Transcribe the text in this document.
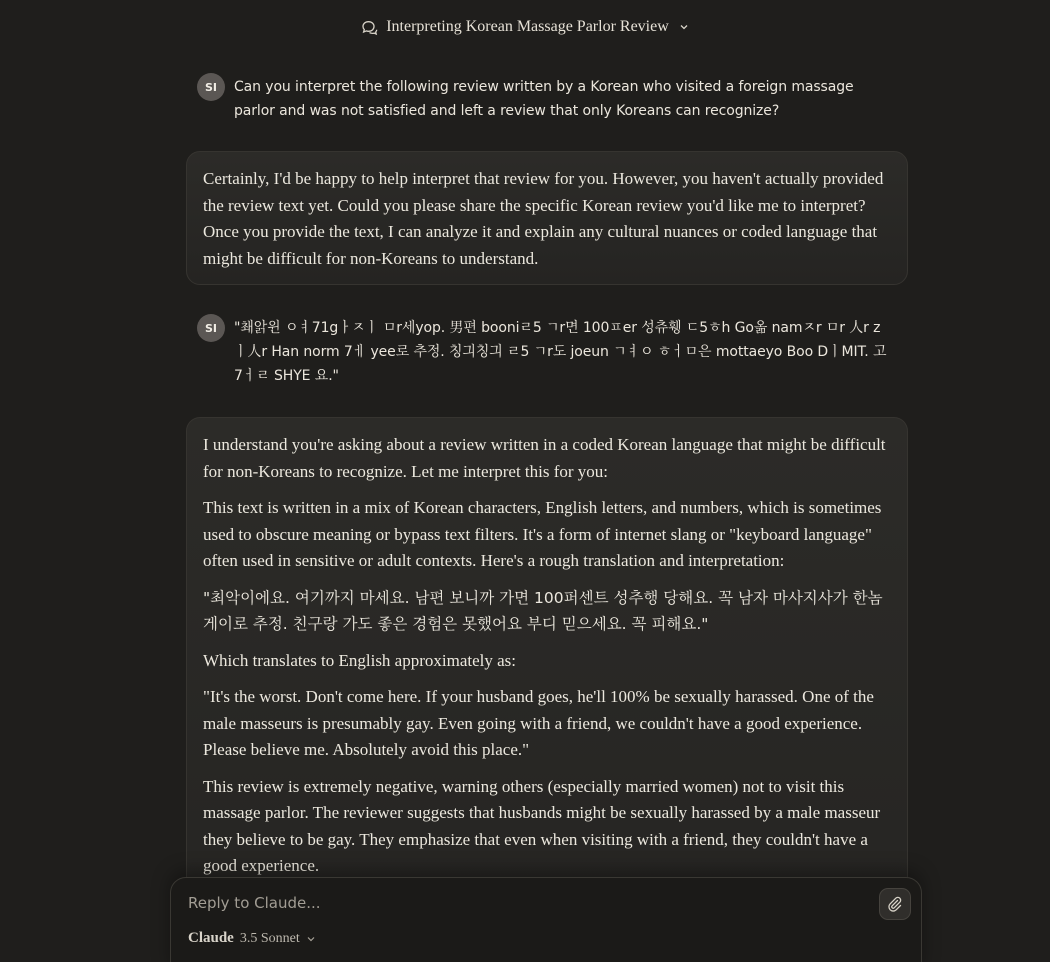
Interpreting Korean Massage Parlor Review
SI	Can you interpret the following review written by a Korean who visited a foreign massage parlor and was not satisfied and left a review that only Koreans can recognize?

Certainly, I'd be happy to help interpret that review for you. However, you haven't actually provided the review text yet. Could you please share the specific Korean review you'd like me to interpret? Once you provide the text, I can analyze it and explain any cultural nuances or coded language that might be difficult for non-Koreans to understand.

SI	"쵀앍윈 ㅇㅕ71gㅏㅈㅣ ㅁr세yop. 男편 booniㄹ5 ㄱr면 100ㅍer 성츄휑 ㄷ5ㅎh Go옮 namㅈr ㅁr 人r z ㅣ人r Han norm 7ㅔ yee로 추정. 칭긔칭긔 ㄹ5 ㄱr도 joeun ㄱㅕㅇ ㅎㅓㅁ은 mottaeyo Boo DㅣMIT. 고7ㅓㄹ SHYE 요."

I understand you're asking about a review written in a coded Korean language that might be difficult for non-Koreans to recognize. Let me interpret this for you:

This text is written in a mix of Korean characters, English letters, and numbers, which is sometimes used to obscure meaning or bypass text filters. It's a form of internet slang or "keyboard language" often used in sensitive or adult contexts. Here's a rough translation and interpretation:

"최악이에요. 여기까지 마세요. 남편 보니까 가면 100퍼센트 성추행 당해요. 꼭 남자 마사지사가 한놈 게이로 추정. 친구랑 가도 좋은 경험은 못했어요 부디 믿으세요. 꼭 피해요."

Which translates to English approximately as:

"It's the worst. Don't come here. If your husband goes, he'll 100% be sexually harassed. One of the male masseurs is presumably gay. Even going with a friend, we couldn't have a good experience. Please believe me. Absolutely avoid this place."

This review is extremely negative, warning others (especially married women) not to visit this massage parlor. The reviewer suggests that husbands might be sexually harassed by a male masseur they believe to be gay. They emphasize that even when visiting with a friend, they couldn't have a good experience.

Reply to Claude...
Claude 3.5 Sonnet
